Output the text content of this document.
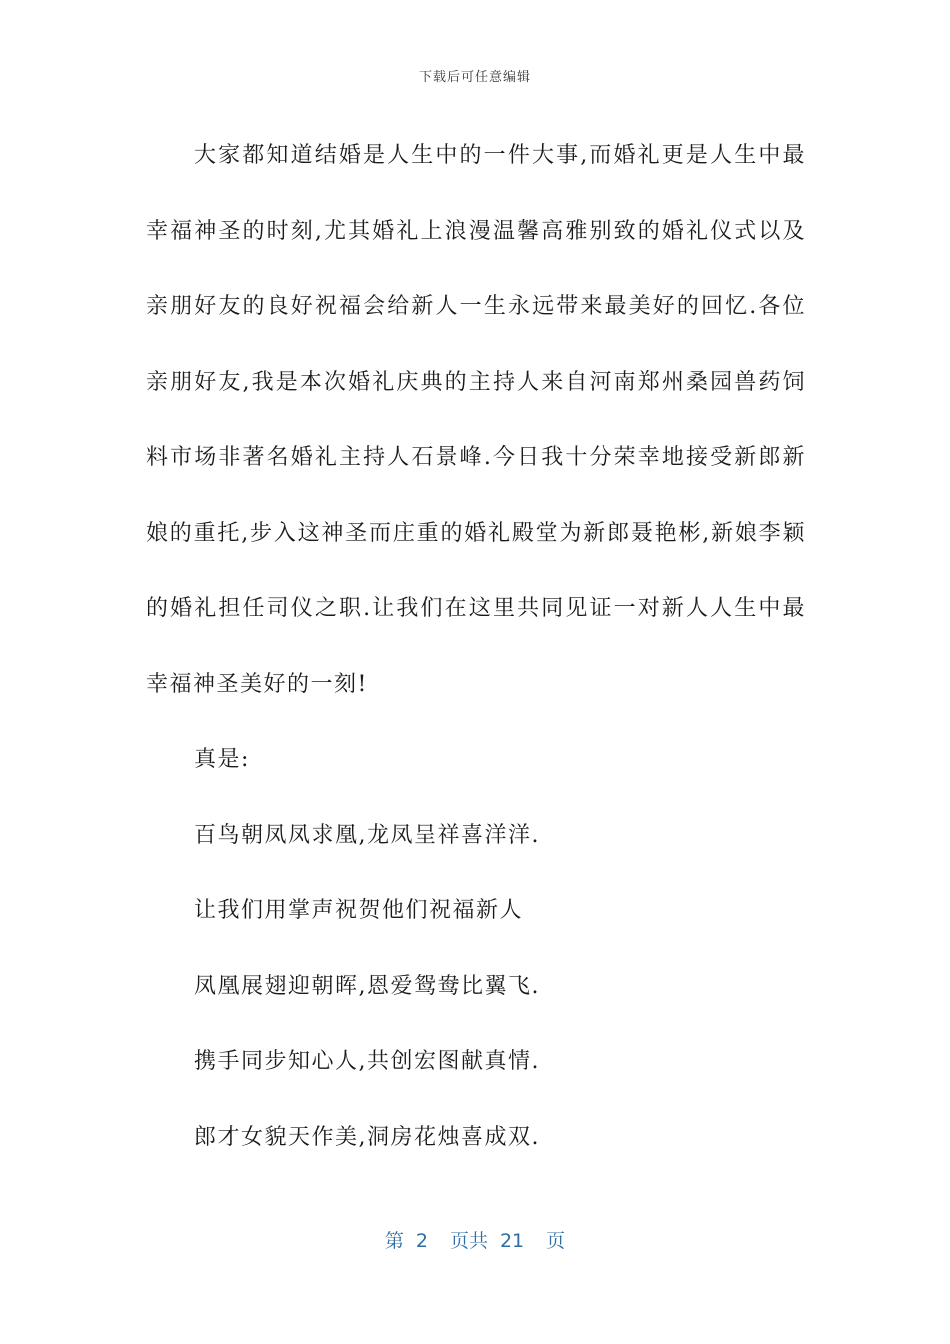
下载后可任意编辑

大家都知道结婚是人生中的一件大事,而婚礼更是人生中最幸福神圣的时刻,尤其婚礼上浪漫温馨高雅别致的婚礼仪式以及亲朋好友的良好祝福会给新人一生永远带来最美好的回忆.各位亲朋好友,我是本次婚礼庆典的主持人来自河南郑州桑园兽药饲料市场非著名婚礼主持人石景峰.今日我十分荣幸地接受新郎新娘的重托,步入这神圣而庄重的婚礼殿堂为新郎聂艳彬,新娘李颖的婚礼担任司仪之职.让我们在这里共同见证一对新人人生中最幸福神圣美好的一刻!

真是:

百鸟朝凤凤求凰,龙凤呈祥喜洋洋.

让我们用掌声祝贺他们祝福新人

凤凰展翅迎朝晖,恩爱鸳鸯比翼飞.

携手同步知心人,共创宏图献真情.

郎才女貌天作美,洞房花烛喜成双.

第 2 页共 21 页
